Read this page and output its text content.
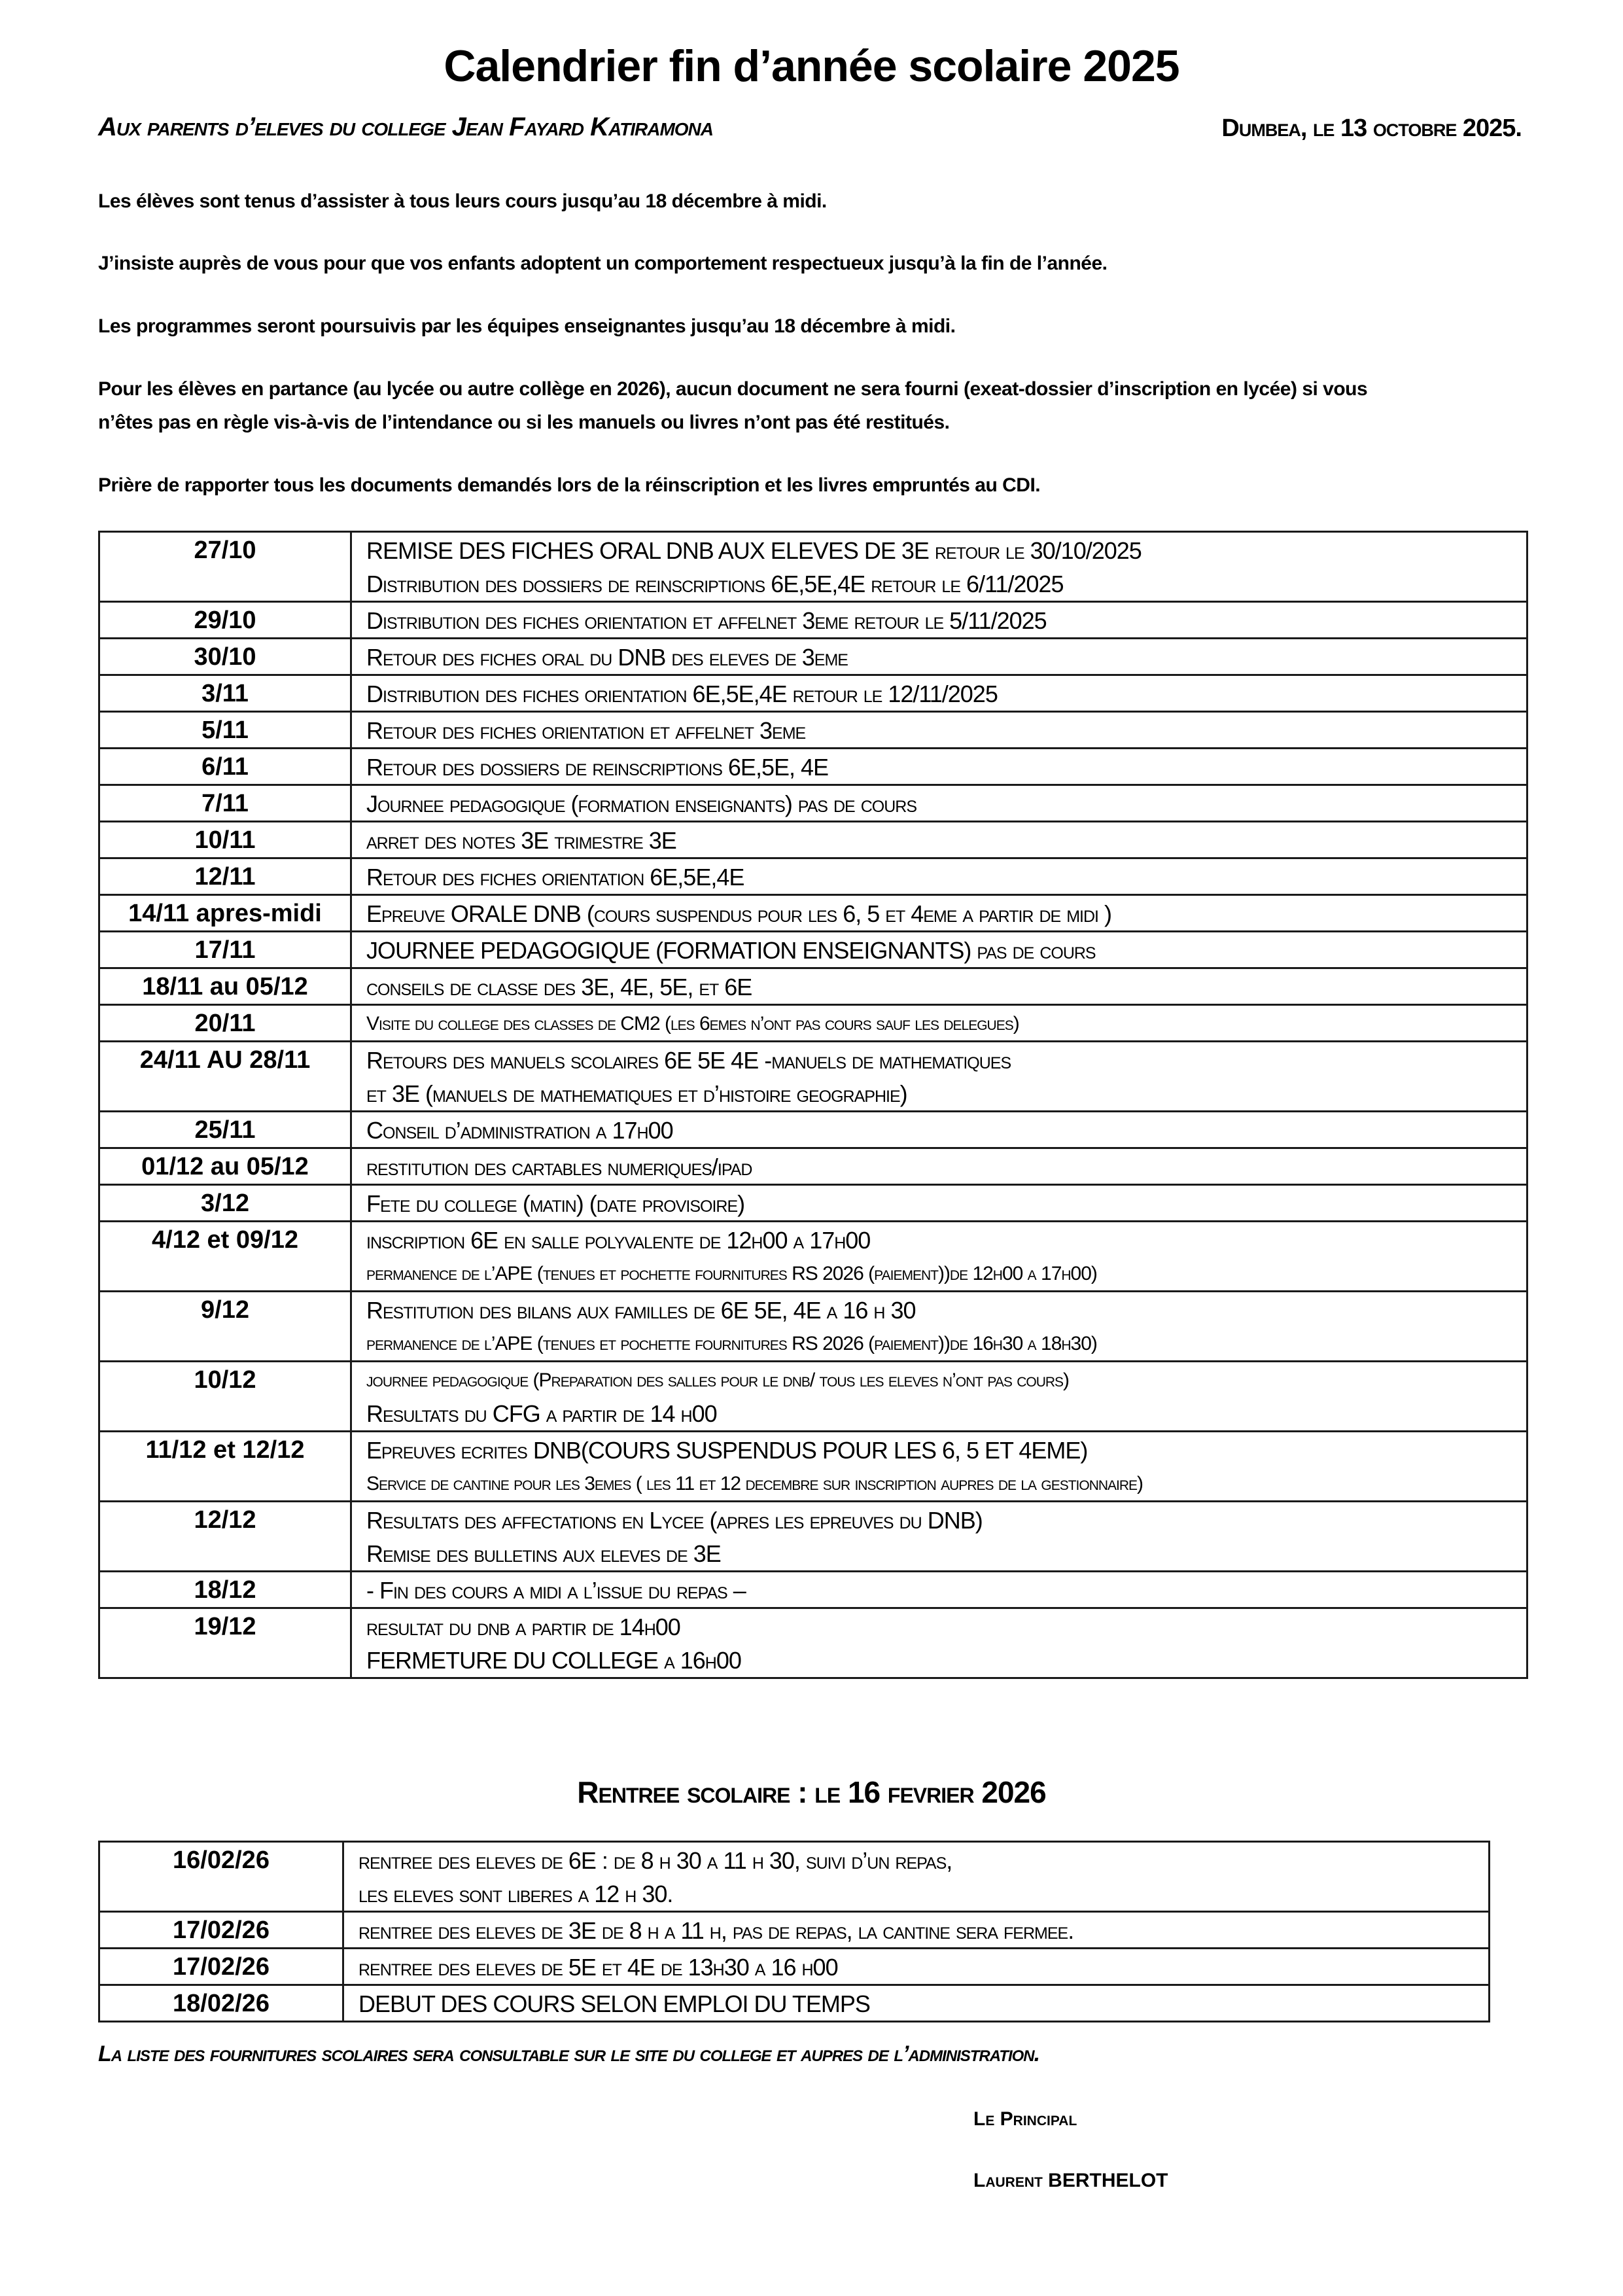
Calendrier fin d’année scolaire 2025
Aux parents d’eleves du college Jean Fayard Katiramona	Dumbea, le 13 octobre 2025.
Les élèves sont tenus d’assister à tous leurs cours jusqu’au 18 décembre à midi.
J’insiste auprès de vous pour que vos enfants adoptent un comportement respectueux jusqu’à la fin de l’année.
Les programmes seront poursuivis par les équipes enseignantes jusqu’au 18 décembre à midi.
Pour les élèves en partance (au lycée ou autre collège en 2026), aucun document ne sera fourni (exeat-dossier d’inscription en lycée) si vous
n’êtes pas en règle vis-à-vis de l’intendance ou si les manuels ou livres n’ont pas été restitués.
Prière de rapporter tous les documents demandés lors de la réinscription et les livres empruntés au CDI.
27/10	REMISE DES FICHES ORAL DNB AUX ELEVES DE 3E retour le 30/10/2025
Distribution des dossiers de reinscriptions 6E,5E,4E retour le 6/11/2025

29/10	Distribution des fiches orientation et affelnet 3eme retour le 5/11/2025

30/10	Retour des fiches oral du DNB des eleves de 3eme

3/11	Distribution des fiches orientation 6E,5E,4E retour le 12/11/2025

5/11	Retour des fiches orientation et affelnet 3eme

6/11	Retour des dossiers de reinscriptions 6E,5E, 4E

7/11	Journee pedagogique (formation enseignants) pas de cours

10/11	arret des notes 3E trimestre 3E

12/11	Retour des fiches orientation 6E,5E,4E

14/11 apres-midi	Epreuve ORALE DNB (cours suspendus pour les 6, 5 et 4eme a partir de midi )

17/11	JOURNEE PEDAGOGIQUE (FORMATION ENSEIGNANTS) pas de cours

18/11 au 05/12	conseils de classe des 3E, 4E, 5E, et 6E

20/11	Visite du college des classes de CM2 (les 6emes n’ont pas cours sauf les delegues)

24/11 AU 28/11	Retours des manuels scolaires 6E 5E 4E -manuels de mathematiques
et 3E (manuels de mathematiques et d’histoire geographie)

25/11	Conseil d’administration a 17h00

01/12 au 05/12	restitution des cartables numeriques/ipad

3/12	Fete du college (matin) (date provisoire)

4/12 et 09/12	inscription 6E en salle polyvalente de 12h00 a 17h00
permanence de l’APE (tenues et pochette fournitures RS 2026 (paiement))de 12h00 a 17h00)

9/12	Restitution des bilans aux familles de 6E 5E, 4E a 16 h 30
permanence de l’APE (tenues et pochette fournitures RS 2026 (paiement))de 16h30 a 18h30)

10/12	journee pedagogique (Preparation des salles pour le dnb/ tous les eleves n’ont pas cours)
Resultats du CFG a partir de 14 h00

11/12 et 12/12	Epreuves ecrites DNB(COURS SUSPENDUS POUR LES 6, 5 ET 4EME)
Service de cantine pour les 3emes ( les 11 et 12 decembre sur inscription aupres de la gestionnaire)

12/12	Resultats des affectations en Lycee (apres les epreuves du DNB)
Remise des bulletins aux eleves de 3E

18/12	- Fin des cours a midi a l’issue du repas –

19/12	resultat du dnb a partir de 14h00
FERMETURE DU COLLEGE a 16h00
Rentree scolaire : le 16 fevrier 2026
16/02/26	rentree des eleves de 6E : de 8 h 30 a 11 h 30, suivi d’un repas,
les eleves sont liberes a 12 h 30.

17/02/26	rentree des eleves de 3E de 8 h a 11 h, pas de repas, la cantine sera fermee.

17/02/26	rentree des eleves de 5E et 4E de 13h30 a 16 h00

18/02/26	DEBUT DES COURS SELON EMPLOI DU TEMPS
La liste des fournitures scolaires sera consultable sur le site du college et aupres de l’administration.
Le Principal
Laurent BERTHELOT
